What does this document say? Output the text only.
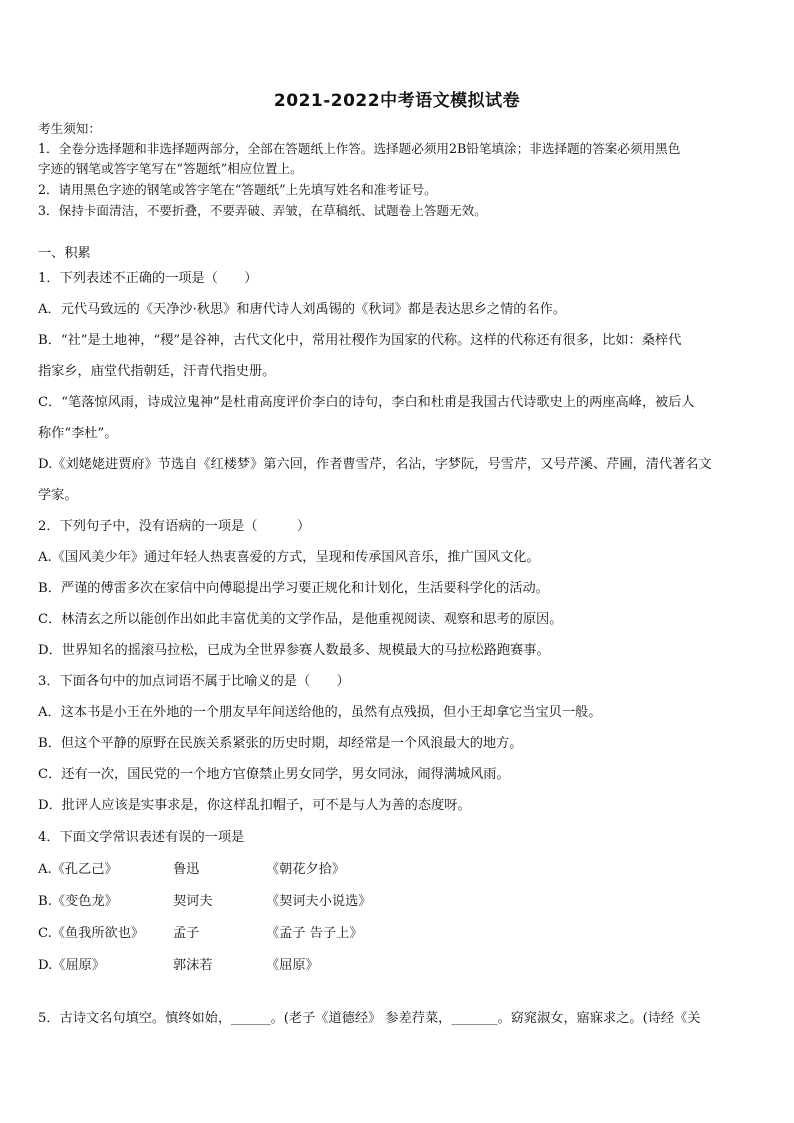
2021-2022中考语文模拟试卷
考生须知：
1．全卷分选择题和非选择题两部分，全部在答题纸上作答。选择题必须用2B铅笔填涂；非选择题的答案必须用黑色
字迹的钢笔或答字笔写在“答题纸”相应位置上。
2．请用黑色字迹的钢笔或答字笔在“答题纸”上先填写姓名和准考证号。
3．保持卡面清洁，不要折叠，不要弄破、弄皱，在草稿纸、试题卷上答题无效。
一、积累
1．下列表述不正确的一项是（　　）
A．元代马致远的《天净沙·秋思》和唐代诗人刘禹锡的《秋词》都是表达思乡之情的名作。
B．“社”是土地神，“稷”是谷神，古代文化中，常用社稷作为国家的代称。这样的代称还有很多，比如：桑梓代
指家乡，庙堂代指朝廷，汗青代指史册。
C．“笔落惊风雨，诗成泣鬼神”是杜甫高度评价李白的诗句，李白和杜甫是我国古代诗歌史上的两座高峰，被后人
称作“李杜”。
D.《刘姥姥进贾府》节选自《红楼梦》第六回，作者曹雪芹，名沾，字梦阮，号雪芹，又号芹溪、芹圃，清代著名文
学家。
2．下列句子中，没有语病的一项是（　　　）
A.《国风美少年》通过年轻人热衷喜爱的方式，呈现和传承国风音乐，推广国风文化。
B．严谨的傅雷多次在家信中向傅聪提出学习要正规化和计划化，生活要科学化的活动。
C．林清玄之所以能创作出如此丰富优美的文学作品，是他重视阅读、观察和思考的原因。
D．世界知名的摇滚马拉松，已成为全世界参赛人数最多、规模最大的马拉松路跑赛事。
3．下面各句中的加点词语不属于比喻义的是（　　）
A．这本书是小王在外地的一个朋友早年间送给他的，虽然有点残损，但小王却拿它当宝贝一般。
B．但这个平静的原野在民族关系紧张的历史时期，却经常是一个风浪最大的地方。
C．还有一次，国民党的一个地方官僚禁止男女同学，男女同泳，闹得满城风雨。
D．批评人应该是实事求是，你这样乱扣帽子，可不是与人为善的态度呀。
4．下面文学常识表述有误的一项是
A.《孔乙己》	鲁迅	《朝花夕拾》
B.《变色龙》	契诃夫	《契诃夫小说选》
C.《鱼我所欲也》 孟子	《孟子 告子上》
D.《屈原》	郭沫若	《屈原》
5．古诗文名句填空。慎终如始，______。(老子《道德经》 参差荇菜，_______。窈窕淑女，寤寐求之。(诗经《关
